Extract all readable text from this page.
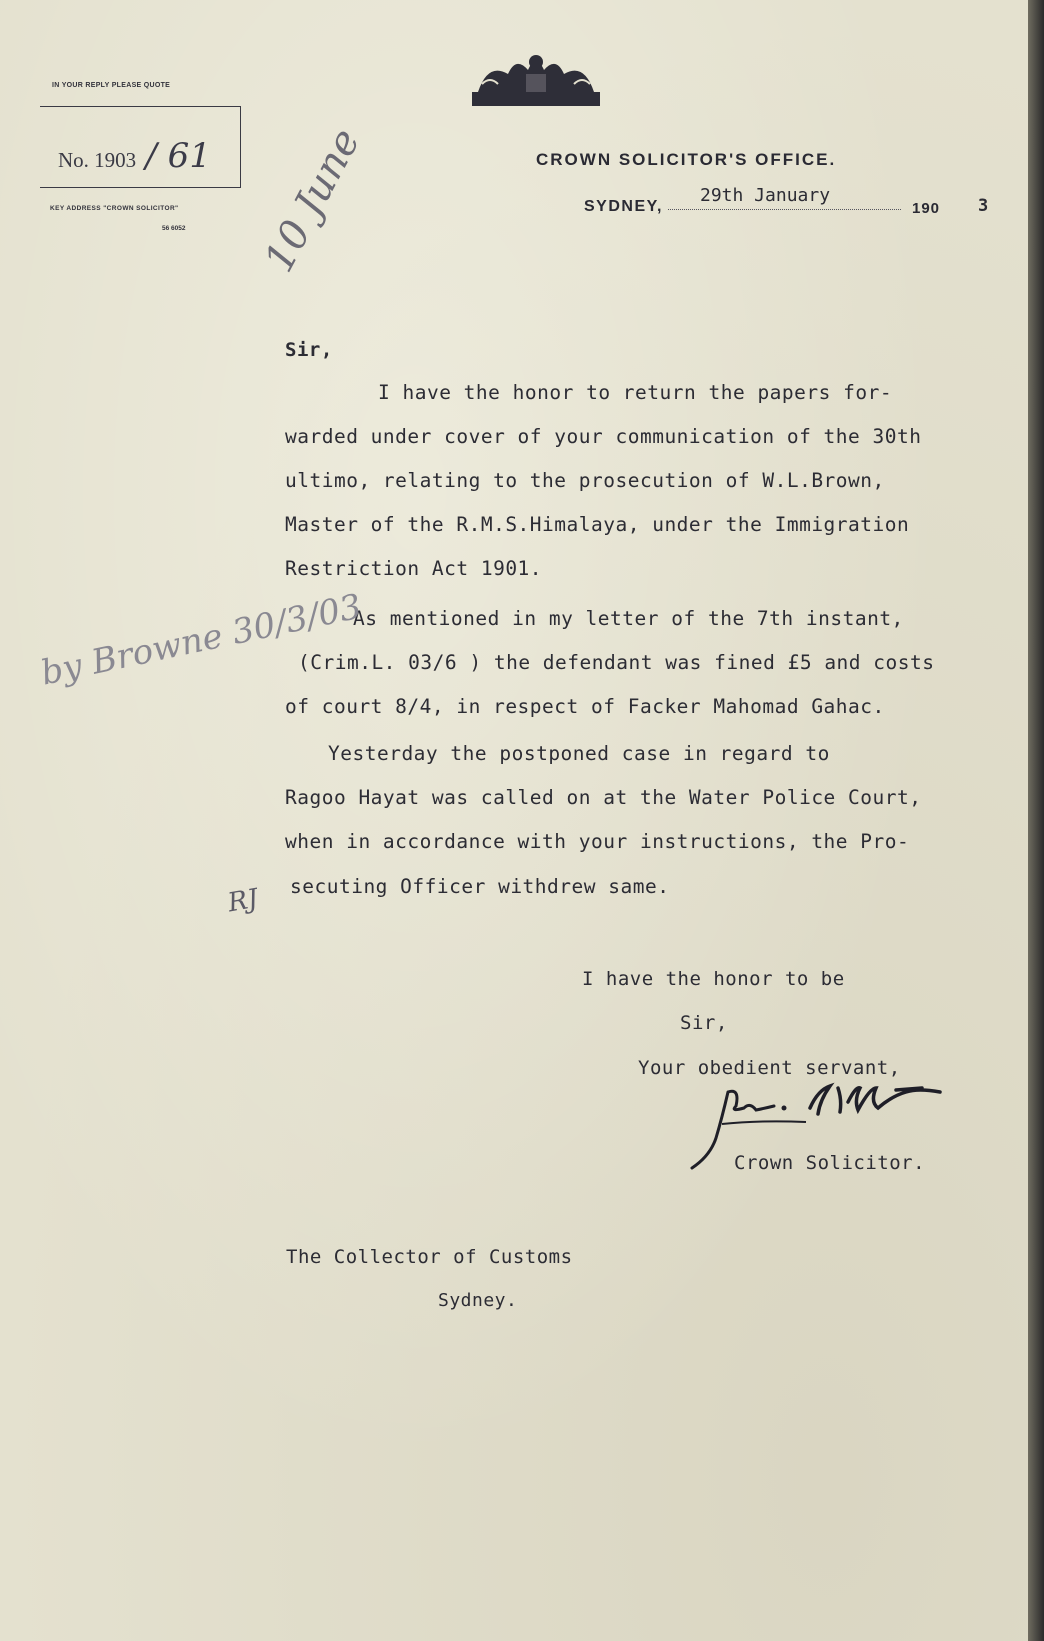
IN YOUR REPLY PLEASE QUOTE
No. 1903 / 61
KEY ADDRESS "CROWN SOLICITOR"
56 6052 10 June	CROWN SOLICITOR'S OFFICE.
SYDNEY,
29th January
190 3
Sir,
I have the honor to return the papers for-
warded under cover of your communication of the 30th
ultimo, relating to the prosecution of W.L.Brown,
Master of the R.M.S.Himalaya, under the Immigration
Restriction Act 1901.
As mentioned in my letter of the 7th instant,
(Crim.L. 03/6 ) the defendant was fined £5 and costs
of court 8/4, in respect of Facker Mahomad Gahac.
Yesterday the postponed case in regard to
Ragoo Hayat was called on at the Water Police Court,
when in accordance with your instructions, the Pro-
secuting Officer withdrew same.
by Browne 30/3/03
RJ
I have the honor to be
Sir,
Your obedient servant,
Crown Solicitor.
The Collector of Customs
Sydney.
